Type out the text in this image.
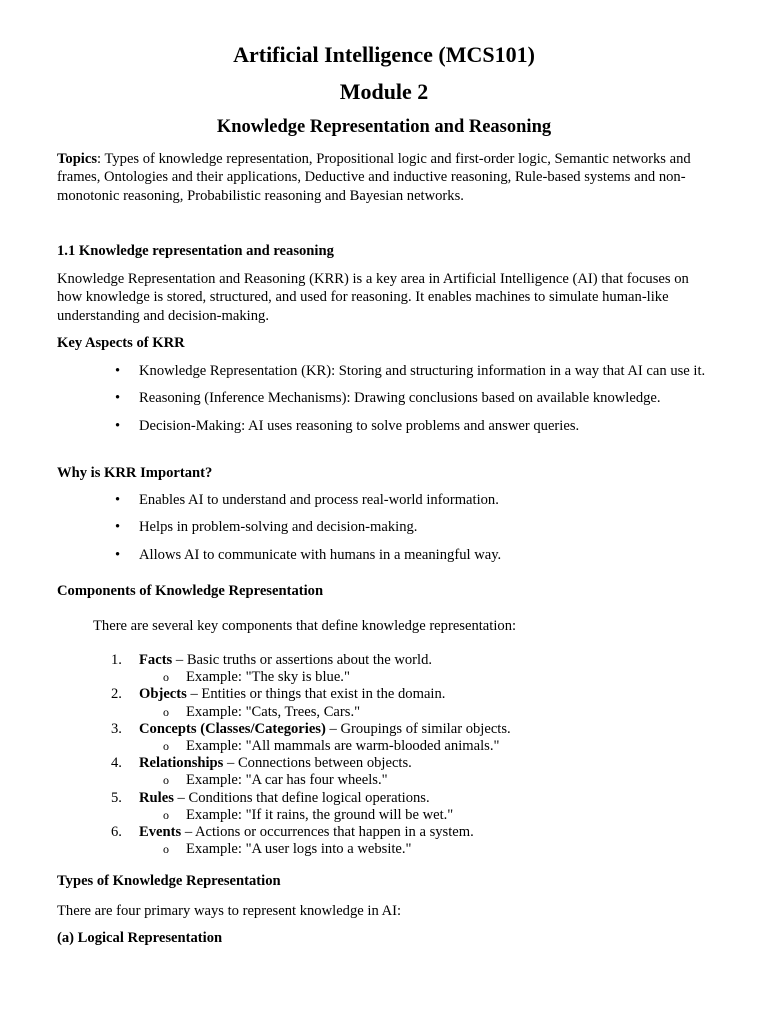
Artificial Intelligence (MCS101)
Module 2
Knowledge Representation and Reasoning
Topics: Types of knowledge representation, Propositional logic and first-order logic, Semantic networks and frames, Ontologies and their applications, Deductive and inductive reasoning, Rule-based systems and non-monotonic reasoning, Probabilistic reasoning and Bayesian networks.
1.1 Knowledge representation and reasoning
Knowledge Representation and Reasoning (KRR) is a key area in Artificial Intelligence (AI) that focuses on how knowledge is stored, structured, and used for reasoning. It enables machines to simulate human-like understanding and decision-making.
Key Aspects of KRR
• Knowledge Representation (KR): Storing and structuring information in a way that AI can use it.
• Reasoning (Inference Mechanisms): Drawing conclusions based on available knowledge.
• Decision-Making: AI uses reasoning to solve problems and answer queries.
Why is KRR Important?
• Enables AI to understand and process real-world information.
• Helps in problem-solving and decision-making.
• Allows AI to communicate with humans in a meaningful way.
Components of Knowledge Representation
There are several key components that define knowledge representation:
1. Facts – Basic truths or assertions about the world.
o Example: "The sky is blue."
2. Objects – Entities or things that exist in the domain.
o Example: "Cats, Trees, Cars."
3. Concepts (Classes/Categories) – Groupings of similar objects.
o Example: "All mammals are warm-blooded animals."
4. Relationships – Connections between objects.
o Example: "A car has four wheels."
5. Rules – Conditions that define logical operations.
o Example: "If it rains, the ground will be wet."
6. Events – Actions or occurrences that happen in a system.
o Example: "A user logs into a website."
Types of Knowledge Representation
There are four primary ways to represent knowledge in AI:
(a) Logical Representation
